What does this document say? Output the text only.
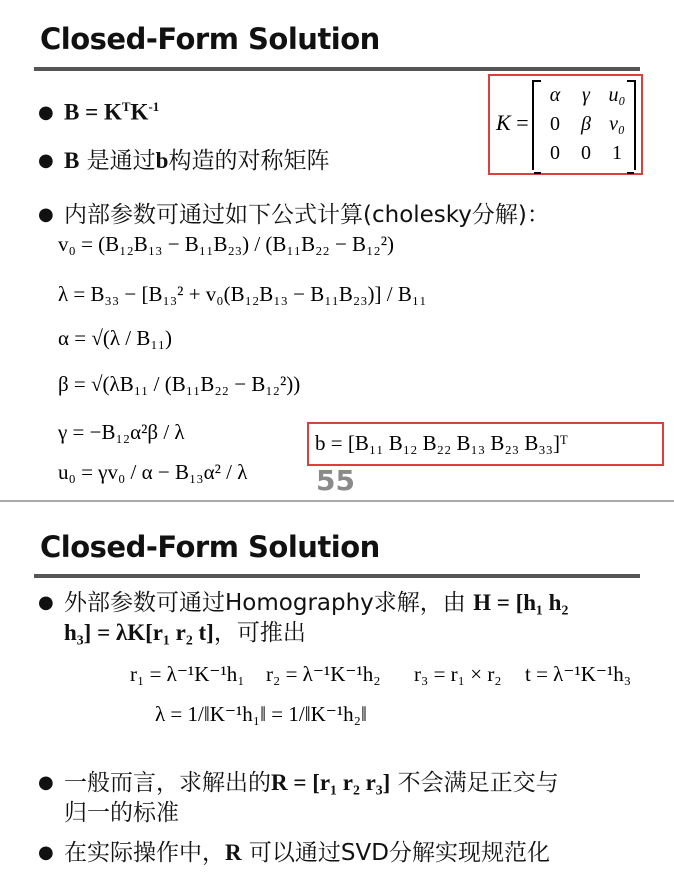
Closed-Form Solution
● $B = K^TK^{-1}$
● B 是通过b构造的对称矩阵
● 内部参数可通过如下公式计算(cholesky分解)：
K =
α	γ u₀
0	β v₀
0	0	1
v₀ = (B₁₂B₁₃ − B₁₁B₂₃) / (B₁₁B₂₂ − B₁₂²)
λ = B₃₃ − [B₁₃² + v₀(B₁₂B₁₃ − B₁₁B₂₃)] / B₁₁
α = √(λ / B₁₁)
β = √(λB₁₁ / (B₁₁B₂₂ − B₁₂²))
γ = −B₁₂α²β / λ
u₀ = γv₀ / α − B₁₃α² / λ
b = [B₁₁ B₁₂ B₂₂ B₁₃ B₂₃ B₃₃]ᵀ
55
Closed-Form Solution
● 外部参数可通过Homography求解，由 H = [h₁ h₂
h₃] = λK[r₁ r₂ t]，可推出
r₁ = λ⁻¹K⁻¹h₁ r₂ = λ⁻¹K⁻¹h₂ r₃ = r₁ × r₂ t = λ⁻¹K⁻¹h₃
λ = 1/‖K⁻¹h₁‖ = 1/‖K⁻¹h₂‖
● 一般而言，求解出的R = [r₁ r₂ r₃] 不会满足正交与
归一的标准
● 在实际操作中，R 可以通过SVD分解实现规范化
